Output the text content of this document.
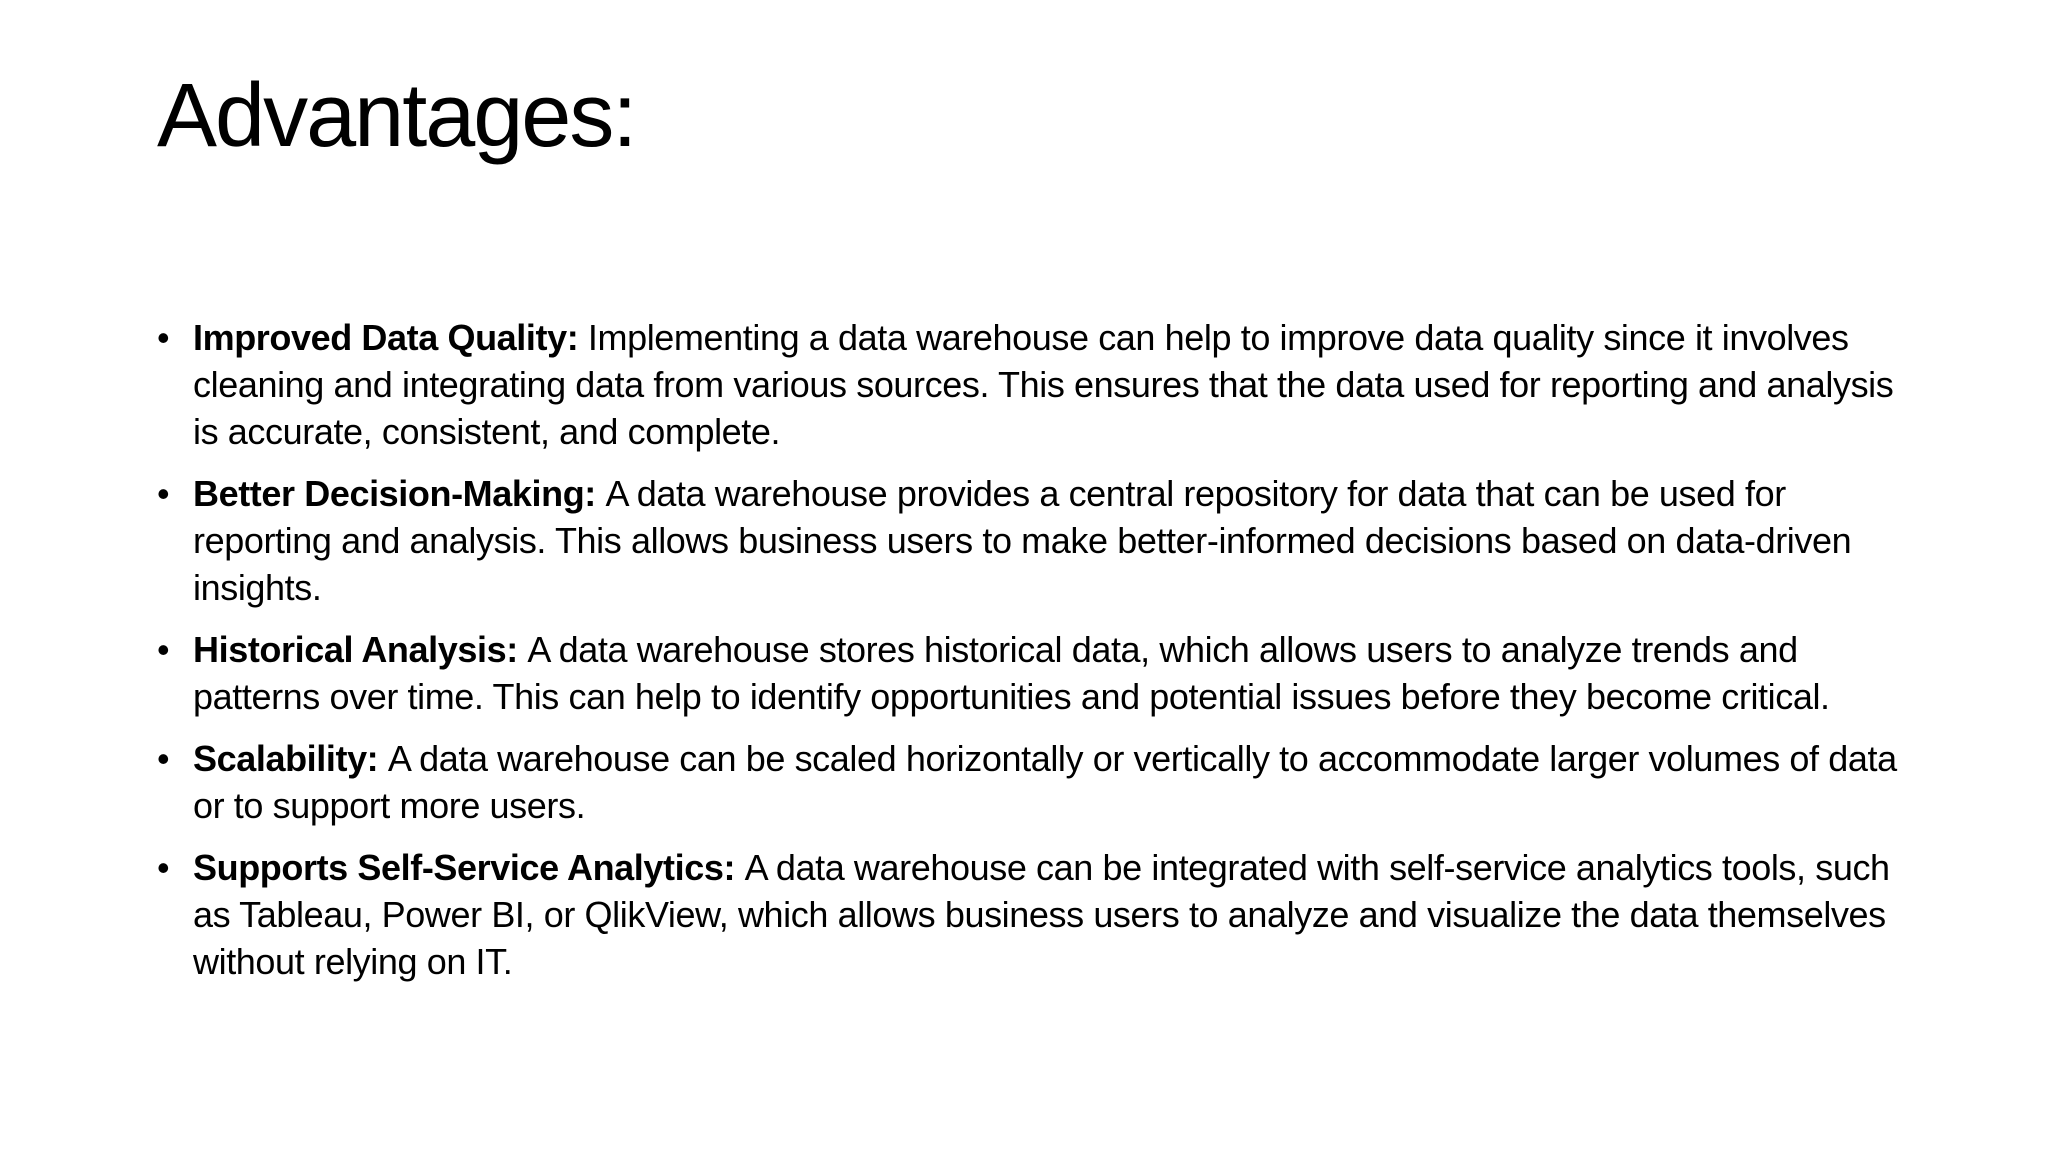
Advantages:
• Improved Data Quality: Implementing a data warehouse can help to improve data quality since it involves cleaning and integrating data from various sources. This ensures that the data used for reporting and analysis is accurate, consistent, and complete.
• Better Decision-Making: A data warehouse provides a central repository for data that can be used for reporting and analysis. This allows business users to make better-informed decisions based on data-driven insights.
• Historical Analysis: A data warehouse stores historical data, which allows users to analyze trends and patterns over time. This can help to identify opportunities and potential issues before they become critical.
• Scalability: A data warehouse can be scaled horizontally or vertically to accommodate larger volumes of data or to support more users.
• Supports Self-Service Analytics: A data warehouse can be integrated with self-service analytics tools, such as Tableau, Power BI, or QlikView, which allows business users to analyze and visualize the data themselves without relying on IT.
